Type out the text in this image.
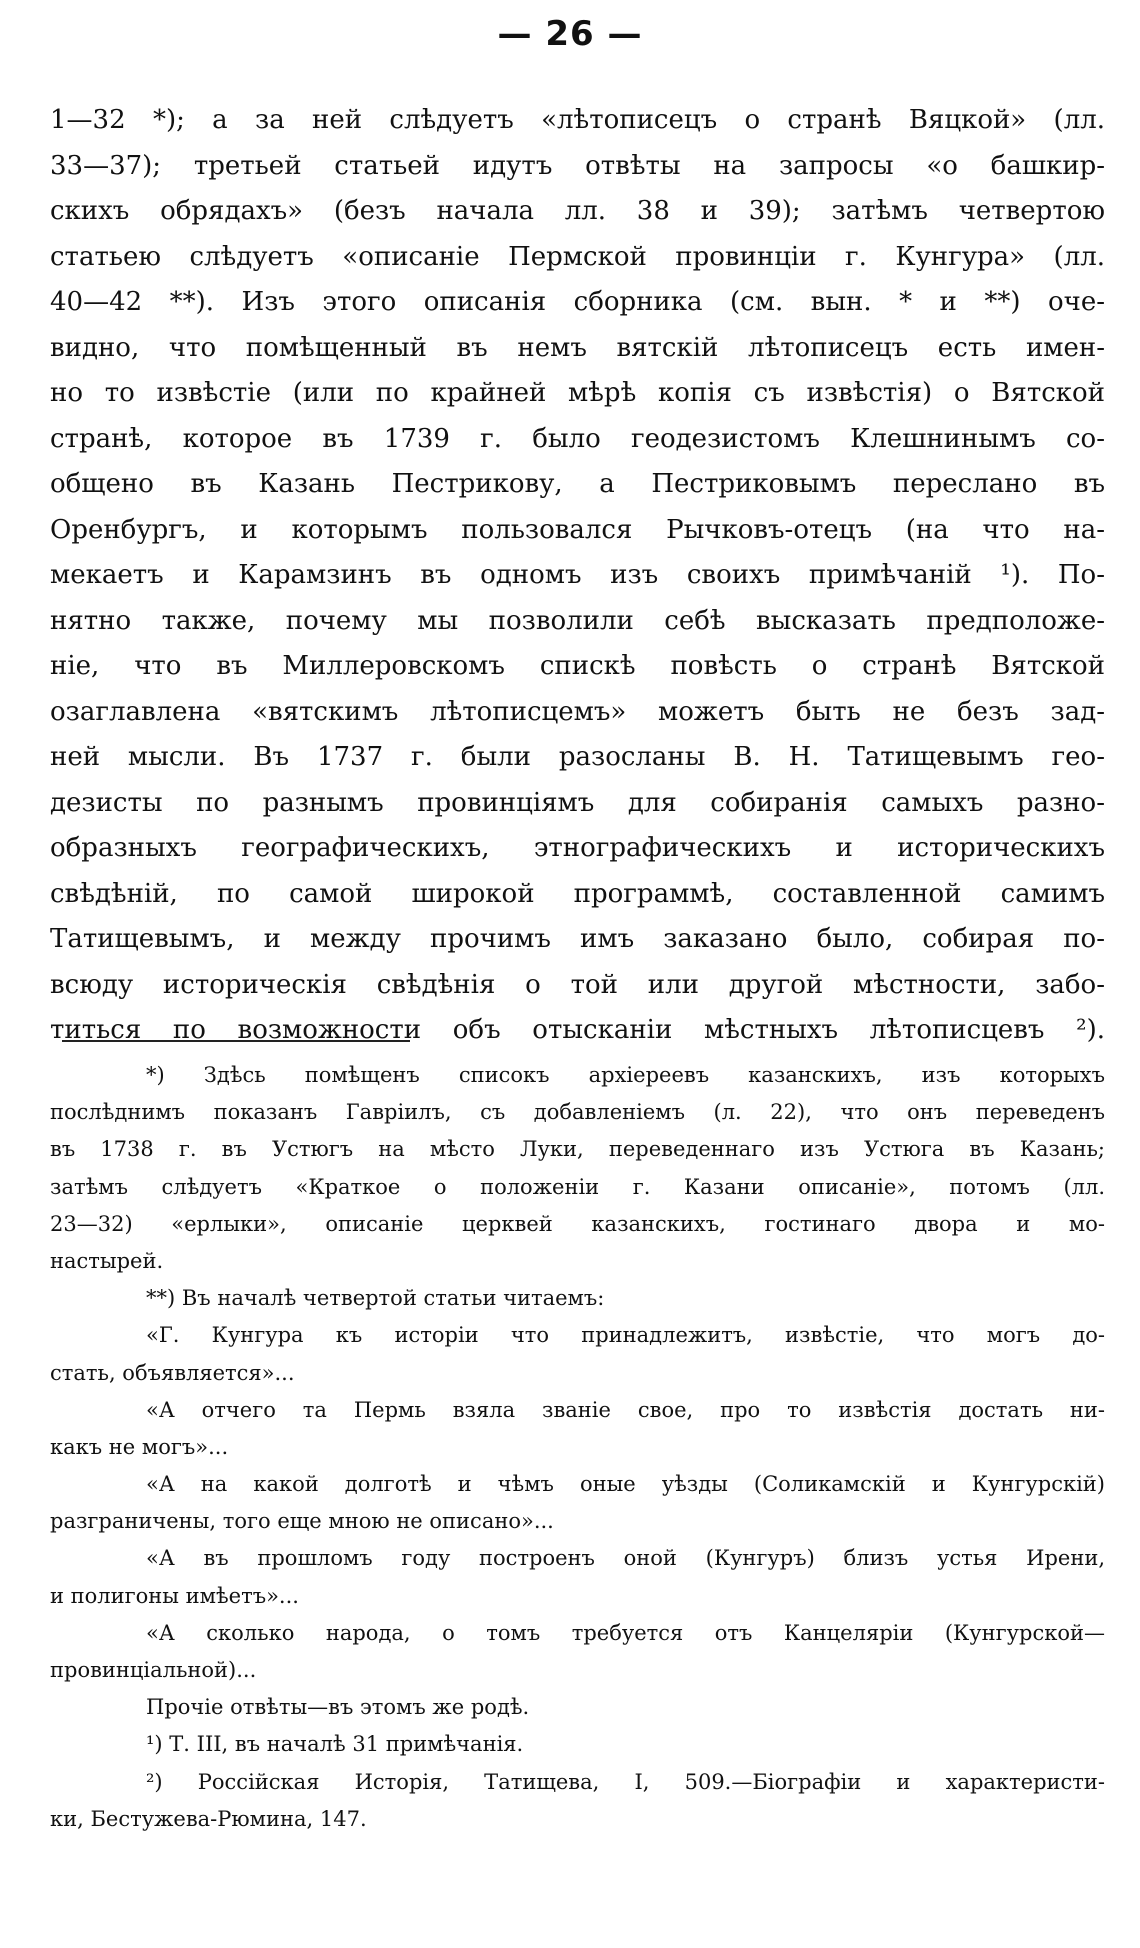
— 26 —
1—32 *); а за ней слѣдуетъ «лѣтописецъ о странѣ Вяцкой» (лл.
33—37); третьей статьей идутъ отвѣты на запросы «о башкир-
скихъ обрядахъ» (безъ начала лл. 38 и 39); затѣмъ четвертою
статьею слѣдуетъ «описаніе Пермской провинціи г. Кунгура» (лл.
40—42 **). Изъ этого описанія сборника (см. вын. * и **) оче-
видно, что помѣщенный въ немъ вятскій лѣтописецъ есть имен-
но то извѣстіе (или по крайней мѣрѣ копія съ извѣстія) о Вятской
странѣ, которое въ 1739 г. было геодезистомъ Клешнинымъ со-
общено въ Казань Пестрикову, а Пестриковымъ переслано въ
Оренбургъ, и которымъ пользовался Рычковъ-отецъ (на что на-
мекаетъ и Карамзинъ въ одномъ изъ своихъ примѣчаній ¹). По-
нятно также, почему мы позволили себѣ высказать предположе-
ніе, что въ Миллеровскомъ спискѣ повѣсть о странѣ Вятской
озаглавлена «вятскимъ лѣтописцемъ» можетъ быть не безъ зад-
ней мысли. Въ 1737 г. были разосланы В. Н. Татищевымъ гео-
дезисты по разнымъ провинціямъ для собиранія самыхъ разно-
образныхъ географическихъ, этнографическихъ и историческихъ
свѣдѣній, по самой широкой программѣ, составленной самимъ
Татищевымъ, и между прочимъ имъ заказано было, собирая по-
всюду историческія свѣдѣнія о той или другой мѣстности, забо-
титься по возможности объ отысканіи мѣстныхъ лѣтописцевъ ²).
*) Здѣсь помѣщенъ списокъ архіереевъ казанскихъ, изъ которыхъ
послѣднимъ показанъ Гавріилъ, съ добавленіемъ (л. 22), что онъ переведенъ
въ 1738 г. въ Устюгъ на мѣсто Луки, переведеннаго изъ Устюга въ Казань;
затѣмъ слѣдуетъ «Краткое о положеніи г. Казани описаніе», потомъ (лл.
23—32) «ерлыки», описаніе церквей казанскихъ, гостинаго двора и мо-
настырей.
**) Въ началѣ четвертой статьи читаемъ:
«Г. Кунгура къ исторіи что принадлежитъ, извѣстіе, что могъ до-
стать, объявляется»...
«А отчего та Пермь взяла званіе свое, про то извѣстія достать ни-
какъ не могъ»...
«А на какой долготѣ и чѣмъ оные уѣзды (Соликамскій и Кунгурскій)
разграничены, того еще мною не описано»...
«А въ прошломъ году построенъ оной (Кунгуръ) близъ устья Ирени,
и полигоны имѣетъ»...
«А сколько народа, о томъ требуется отъ Канцеляріи (Кунгурской—
провинціальной)...
Прочіе отвѣты—въ этомъ же родѣ.
¹) Т. III, въ началѣ 31 примѣчанія.
²) Россійская Исторія, Татищева, I, 509.—Біографіи и характеристи-
ки, Бестужева-Рюмина, 147.
